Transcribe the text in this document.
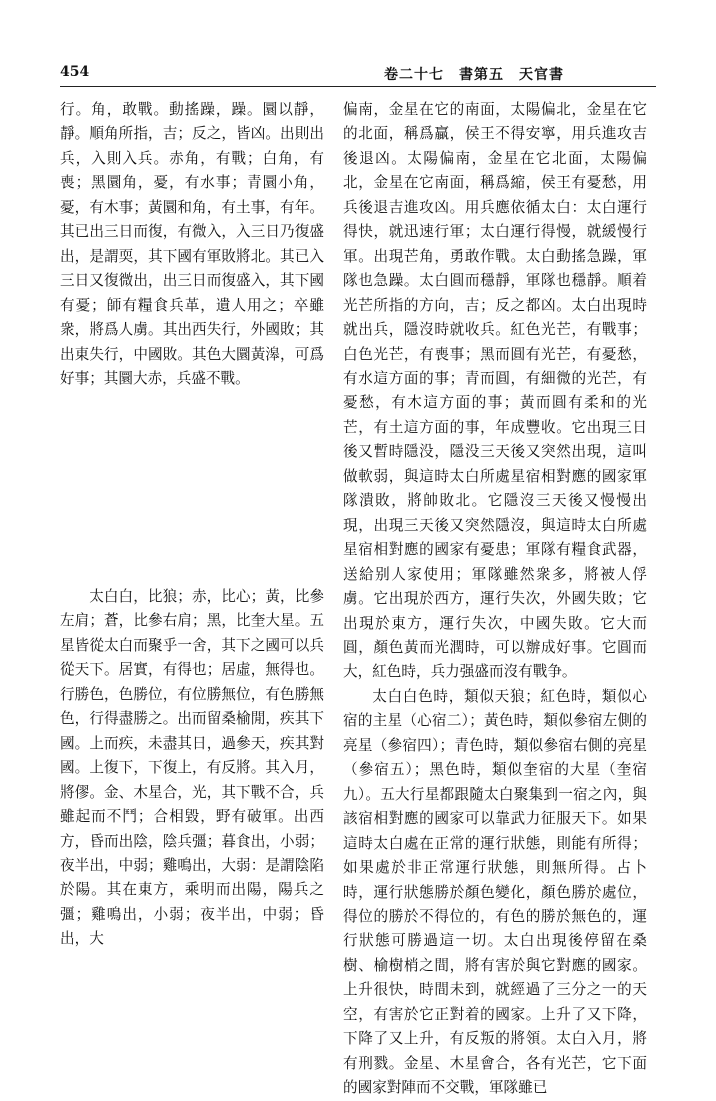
454	卷二十七　書第五　天官書

行。角，敢戰。動搖躁，躁。圜以靜，靜。順角所指，吉；反之，皆凶。出則出兵，入則入兵。赤角，有戰；白角，有喪；黑圜角，憂，有水事；青圜小角，憂，有木事；黃圜和角，有土事，有年。其已出三日而復，有微入，入三日乃復盛出，是謂耎，其下國有軍敗將北。其已入三日又復微出，出三日而復盛入，其下國有憂；師有糧食兵革，遺人用之；卒雖衆，將爲人虜。其出西失行，外國敗；其出東失行，中國敗。其色大圜黃滜，可爲好事；其圜大赤，兵盛不戰。

太白白，比狼；赤，比心；黃，比參左肩；蒼，比參右肩；黑，比奎大星。五星皆從太白而聚乎一舍，其下之國可以兵從天下。居實，有得也；居虛，無得也。行勝色，色勝位，有位勝無位，有色勝無色，行得盡勝之。出而留桑榆閒，疾其下國。上而疾，未盡其日，過參天，疾其對國。上復下，下復上，有反將。其入月，將僇。金、木星合，光，其下戰不合，兵雖起而不鬥；合相毀，野有破軍。出西方，昏而出陰，陰兵彊；暮食出，小弱；夜半出，中弱；雞鳴出，大弱：是謂陰陷於陽。其在東方，乘明而出陽，陽兵之彊；雞鳴出，小弱；夜半出，中弱；昏出，大

偏南，金星在它的南面，太陽偏北，金星在它的北面，稱爲贏，侯王不得安寧，用兵進攻吉後退凶。太陽偏南，金星在它北面，太陽偏北，金星在它南面，稱爲縮，侯王有憂愁，用兵後退吉進攻凶。用兵應依循太白：太白運行得快，就迅速行軍；太白運行得慢，就緩慢行軍。出現芒角，勇敢作戰。太白動搖急躁，軍隊也急躁。太白圓而穩靜，軍隊也穩靜。順着光芒所指的方向，吉；反之都凶。太白出現時就出兵，隱沒時就收兵。紅色光芒，有戰事；白色光芒，有喪事；黑而圓有光芒，有憂愁，有水這方面的事；青而圓，有細微的光芒，有憂愁，有木這方面的事；黃而圓有柔和的光芒，有土這方面的事，年成豐收。它出現三日後又暫時隱没，隱没三天後又突然出現，這叫做軟弱，與這時太白所處星宿相對應的國家軍隊潰敗，將帥敗北。它隱沒三天後又慢慢出現，出現三天後又突然隱沒，與這時太白所處星宿相對應的國家有憂患；軍隊有糧食武器，送給别人家使用；軍隊雖然衆多，將被人俘虜。它出現於西方，運行失次，外國失敗；它出現於東方，運行失次，中國失敗。它大而圓，顏色黃而光潤時，可以辦成好事。它圓而大，紅色時，兵力强盛而沒有戰争。

太白白色時，類似天狼；紅色時，類似心宿的主星（心宿二）；黃色時，類似參宿左側的亮星（參宿四）；青色時，類似參宿右側的亮星（參宿五）；黑色時，類似奎宿的大星（奎宿九）。五大行星都跟隨太白聚集到一宿之內，與該宿相對應的國家可以靠武力征服天下。如果這時太白處在正常的運行狀態，則能有所得；如果處於非正常運行狀態，則無所得。占卜時，運行狀態勝於顏色變化，顏色勝於處位，得位的勝於不得位的，有色的勝於無色的，運行狀態可勝過這一切。太白出現後停留在桑樹、榆樹梢之間，將有害於與它對應的國家。上升很快，時間未到，就經過了三分之一的天空，有害於它正對着的國家。上升了又下降，下降了又上升，有反叛的將領。太白入月，將有刑戮。金星、木星會合，各有光芒，它下面的國家對陣而不交戰，軍隊雖已
